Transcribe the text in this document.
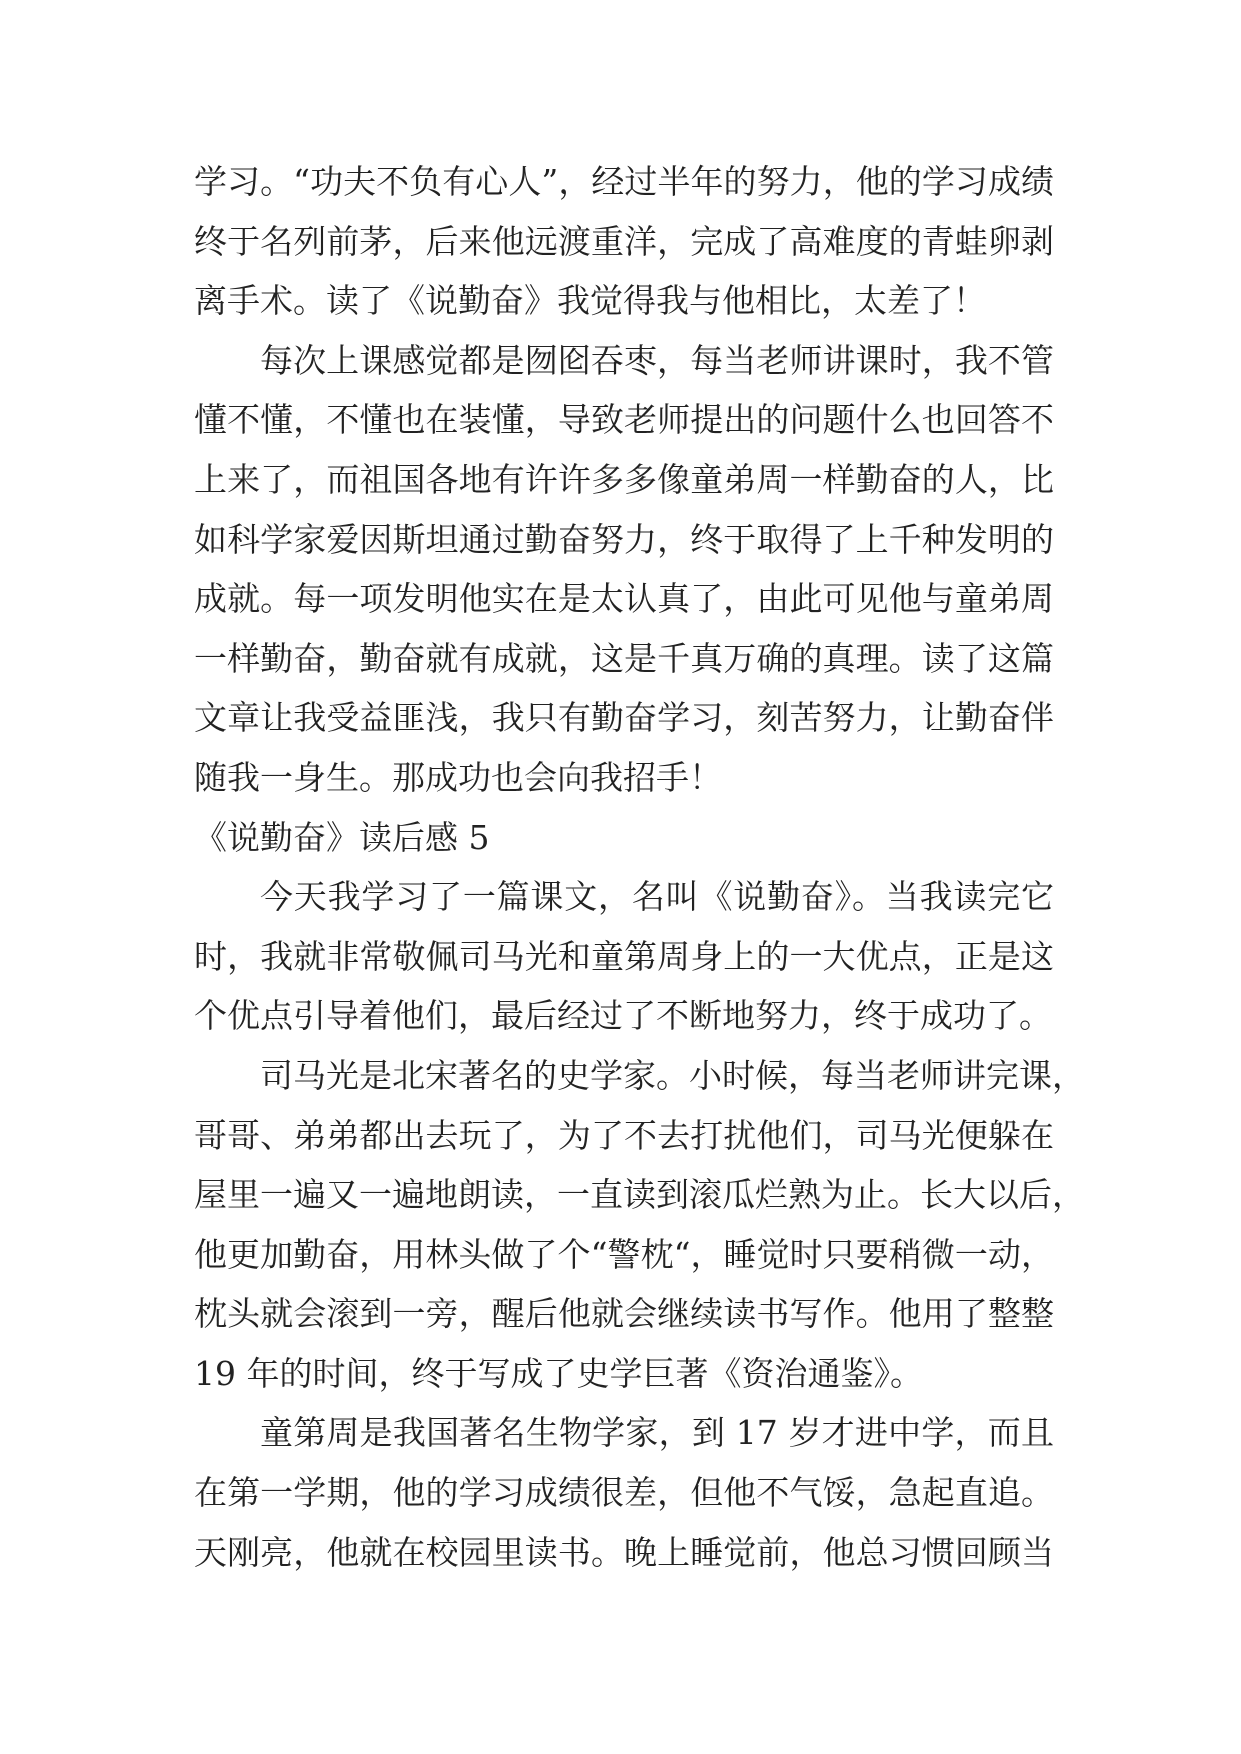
学习。“功夫不负有心人”，经过半年的努力，他的学习成绩
终于名列前茅，后来他远渡重洋，完成了高难度的青蛙卵剥
离手术。读了《说勤奋》我觉得我与他相比，太差了！
每次上课感觉都是囫囵吞枣，每当老师讲课时，我不管
懂不懂，不懂也在装懂，导致老师提出的问题什么也回答不
上来了，而祖国各地有许许多多像童弟周一样勤奋的人，比
如科学家爱因斯坦通过勤奋努力，终于取得了上千种发明的
成就。每一项发明他实在是太认真了，由此可见他与童弟周
一样勤奋，勤奋就有成就，这是千真万确的真理。读了这篇
文章让我受益匪浅，我只有勤奋学习，刻苦努力，让勤奋伴
随我一身生。那成功也会向我招手！
《说勤奋》读后感 5
今天我学习了一篇课文，名叫《说勤奋》。当我读完它
时，我就非常敬佩司马光和童第周身上的一大优点，正是这
个优点引导着他们，最后经过了不断地努力，终于成功了。
司马光是北宋著名的史学家。小时候，每当老师讲完课，
哥哥、弟弟都出去玩了，为了不去打扰他们，司马光便躲在
屋里一遍又一遍地朗读，一直读到滚瓜烂熟为止。长大以后，
他更加勤奋，用林头做了个“警枕“，睡觉时只要稍微一动，
枕头就会滚到一旁，醒后他就会继续读书写作。他用了整整
19 年的时间，终于写成了史学巨著《资治通鉴》。
童第周是我国著名生物学家，到 17 岁才进中学，而且
在第一学期，他的学习成绩很差，但他不气馁，急起直追。
天刚亮，他就在校园里读书。晚上睡觉前，他总习惯回顾当
